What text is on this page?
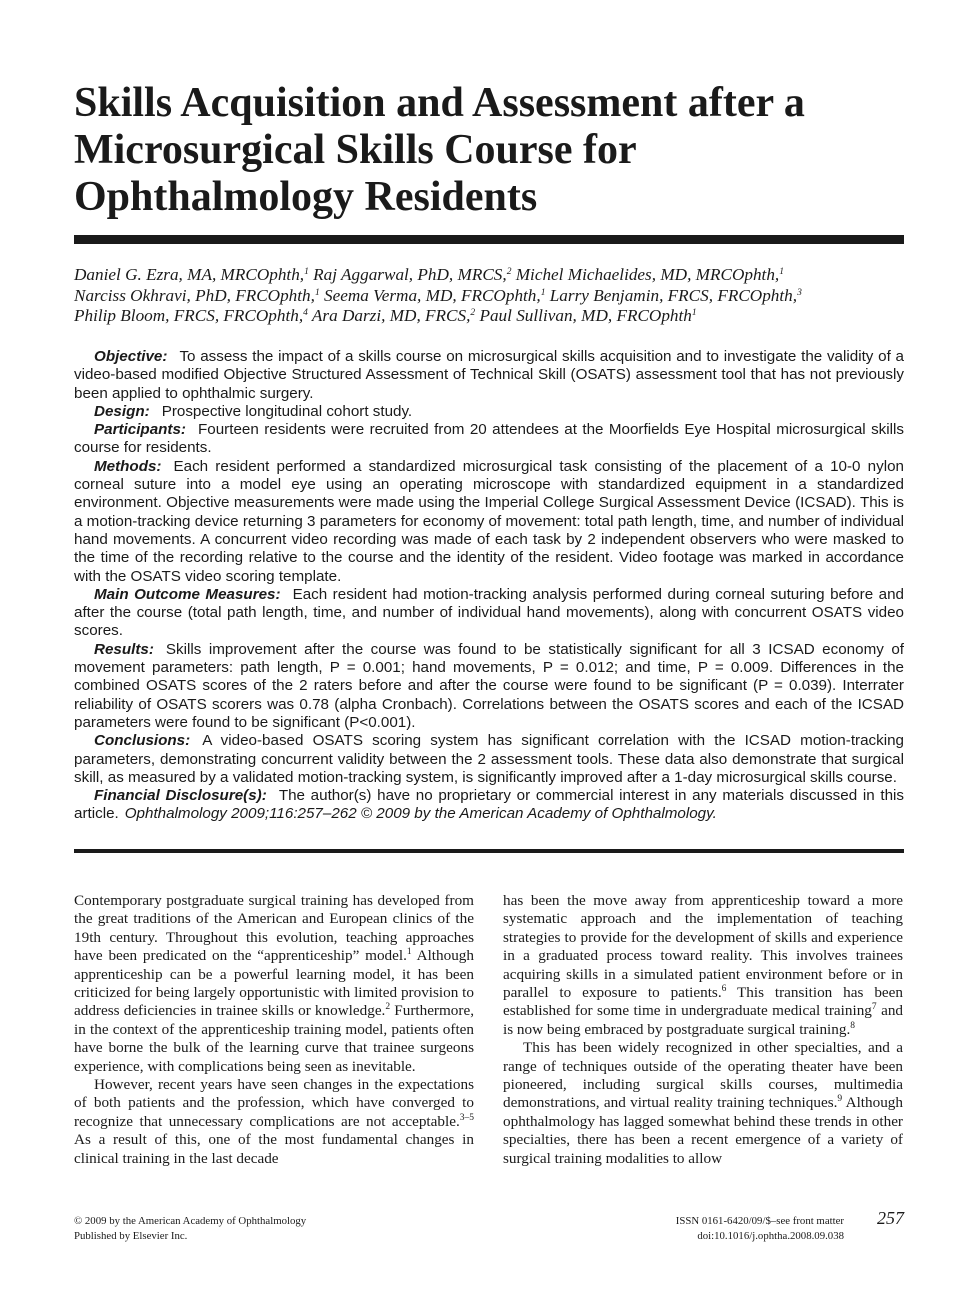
Skills Acquisition and Assessment after a
Microsurgical Skills Course for
Ophthalmology Residents
Daniel G. Ezra, MA, MRCOphth,$^1$ Raj Aggarwal, PhD, MRCS,$^2$ Michel Michaelides, MD, MRCOphth,$^1$
Narciss Okhravi, PhD, FRCOphth,$^1$ Seema Verma, MD, FRCOphth,$^1$ Larry Benjamin, FRCS, FRCOphth,$^3$
Philip Bloom, FRCS, FRCOphth,$^4$ Ara Darzi, MD, FRCS,$^2$ Paul Sullivan, MD, FRCOphth$^1$

Objective: To assess the impact of a skills course on microsurgical skills acquisition and to investigate the validity of a video-based modified Objective Structured Assessment of Technical Skill (OSATS) assessment tool that has not previously been applied to ophthalmic surgery.

Design: Prospective longitudinal cohort study.

Participants: Fourteen residents were recruited from 20 attendees at the Moorfields Eye Hospital microsurgical skills course for residents.

Methods: Each resident performed a standardized microsurgical task consisting of the placement of a 10-0 nylon corneal suture into a model eye using an operating microscope with standardized equipment in a standardized environment. Objective measurements were made using the Imperial College Surgical Assessment Device (ICSAD). This is a motion-tracking device returning 3 parameters for economy of movement: total path length, time, and number of individual hand movements. A concurrent video recording was made of each task by 2 independent observers who were masked to the time of the recording relative to the course and the identity of the resident. Video footage was marked in accordance with the OSATS video scoring template.

Main Outcome Measures: Each resident had motion-tracking analysis performed during corneal suturing before and after the course (total path length, time, and number of individual hand movements), along with concurrent OSATS video scores.

Results: Skills improvement after the course was found to be statistically significant for all 3 ICSAD economy of movement parameters: path length, P = 0.001; hand movements, P = 0.012; and time, P = 0.009. Differences in the combined OSATS scores of the 2 raters before and after the course were found to be significant (P = 0.039). Interrater reliability of OSATS scorers was 0.78 (alpha Cronbach). Correlations between the OSATS scores and each of the ICSAD parameters were found to be significant (P<0.001).

Conclusions: A video-based OSATS scoring system has significant correlation with the ICSAD motion-tracking parameters, demonstrating concurrent validity between the 2 assessment tools. These data also demonstrate that surgical skill, as measured by a validated motion-tracking system, is significantly improved after a 1-day microsurgical skills course.

Financial Disclosure(s): The author(s) have no proprietary or commercial interest in any materials discussed in this article. Ophthalmology 2009;116:257–262 © 2009 by the American Academy of Ophthalmology.

Contemporary postgraduate surgical training has developed from the great traditions of the American and European clinics of the 19th century. Throughout this evolution, teaching approaches have been predicated on the “apprenticeship” model.$^1$ Although apprenticeship can be a powerful learning model, it has been criticized for being largely opportunistic with limited provision to address deficiencies in trainee skills or knowledge.$^2$ Furthermore, in the context of the apprenticeship training model, patients often have borne the bulk of the learning curve that trainee surgeons experience, with complications being seen as inevitable.

However, recent years have seen changes in the expectations of both patients and the profession, which have converged to recognize that unnecessary complications are not acceptable.$^{3-5}$ As a result of this, one of the most fundamental changes in clinical training in the last decade

has been the move away from apprenticeship toward a more systematic approach and the implementation of teaching strategies to provide for the development of skills and experience in a graduated process toward reality. This involves trainees acquiring skills in a simulated patient environment before or in parallel to exposure to patients.$^6$ This transition has been established for some time in undergraduate medical training$^7$ and is now being embraced by postgraduate surgical training.$^8$

This has been widely recognized in other specialties, and a range of techniques outside of the operating theater have been pioneered, including surgical skills courses, multimedia demonstrations, and virtual reality training techniques.$^9$ Although ophthalmology has lagged somewhat behind these trends in other specialties, there has been a recent emergence of a variety of surgical training modalities to allow

© 2009 by the American Academy of Ophthalmology
Published by Elsevier Inc.
ISSN 0161-6420/09/$–see front matter
doi:10.1016/j.ophtha.2008.09.038
257
